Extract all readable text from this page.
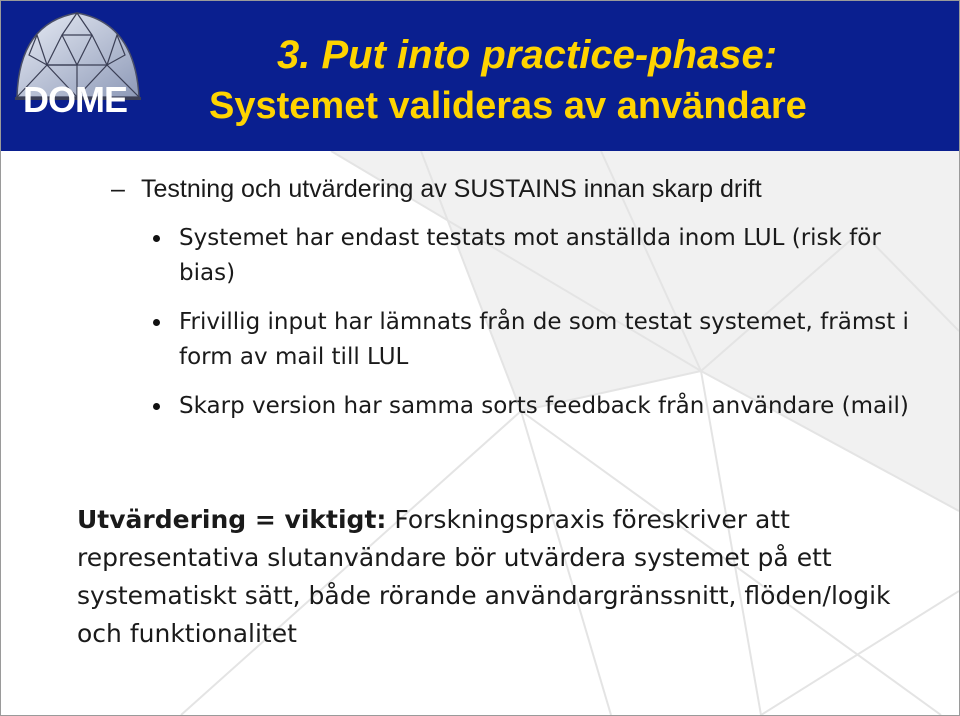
DOME
3. Put into practice-phase:
Systemet valideras av användare
– Testning och utvärdering av SUSTAINS innan skarp drift
Systemet har endast testats mot anställda inom LUL (risk för bias)
Frivillig input har lämnats från de som testat systemet, främst i form av mail till LUL
Skarp version har samma sorts feedback från användare (mail)
Utvärdering = viktigt: Forskningspraxis föreskriver att representativa slutanvändare bör utvärdera systemet på ett systematiskt sätt, både rörande användargränssnitt, flöden/logik och funktionalitet
